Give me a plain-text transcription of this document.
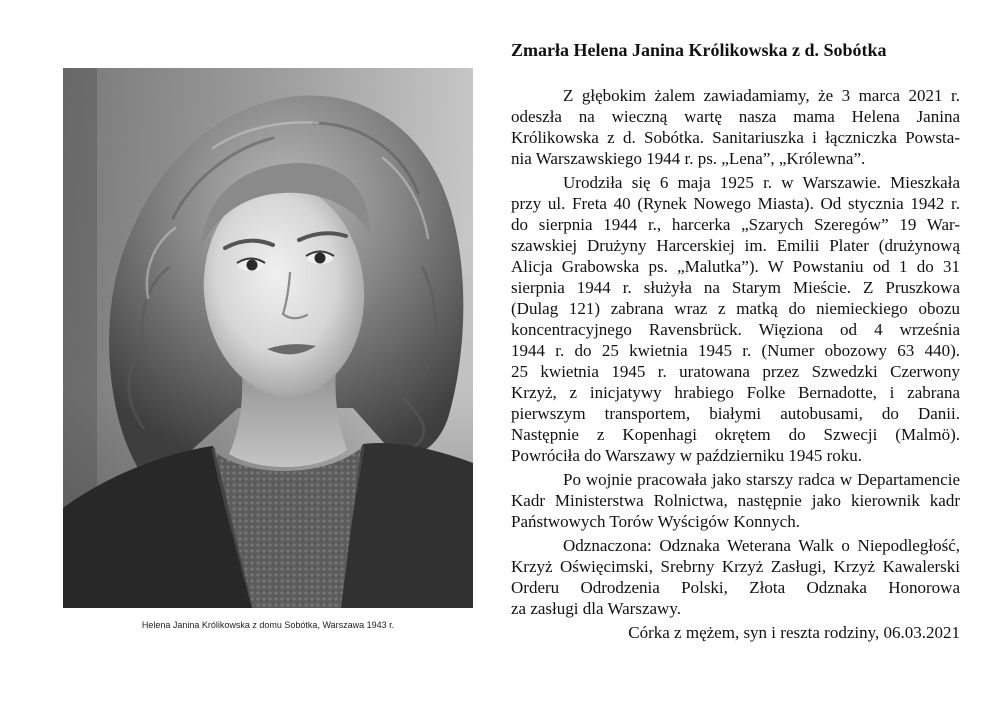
Helena Janina Królikowska z domu Sobótka, Warszawa 1943 r.
Zmarła Helena Janina Królikowska z d. Sobótka
Z głębokim żalem zawiadamiamy, że 3 marca 2021 r.
odeszła na wieczną wartę nasza mama Helena Janina
Królikowska z d. Sobótka. Sanitariuszka i łączniczka Powsta-
nia Warszawskiego 1944 r. ps. „Lena”, „Królewna”.
Urodziła się 6 maja 1925 r. w Warszawie. Mieszkała
przy ul. Freta 40 (Rynek Nowego Miasta). Od stycznia 1942 r.
do sierpnia 1944 r., harcerka „Szarych Szeregów” 19 War-
szawskiej Drużyny Harcerskiej im. Emilii Plater (drużynową
Alicja Grabowska ps. „Malutka”). W Powstaniu od 1 do 31
sierpnia 1944 r. służyła na Starym Mieście. Z Pruszkowa
(Dulag 121) zabrana wraz z matką do niemieckiego obozu
koncentracyjnego Ravensbrück. Więziona od 4 września
1944 r. do 25 kwietnia 1945 r. (Numer obozowy 63 440).
25 kwietnia 1945 r. uratowana przez Szwedzki Czerwony
Krzyż, z inicjatywy hrabiego Folke Bernadotte, i zabrana
pierwszym transportem, białymi autobusami, do Danii.
Następnie z Kopenhagi okrętem do Szwecji (Malmö).
Powróciła do Warszawy w październiku 1945 roku.
Po wojnie pracowała jako starszy radca w Departamencie
Kadr Ministerstwa Rolnictwa, następnie jako kierownik kadr
Państwowych Torów Wyścigów Konnych.
Odznaczona: Odznaka Weterana Walk o Niepodległość,
Krzyż Oświęcimski, Srebrny Krzyż Zasługi, Krzyż Kawalerski
Orderu Odrodzenia Polski, Złota Odznaka Honorowa
za zasługi dla Warszawy.
Córka z mężem, syn i reszta rodziny, 06.03.2021
